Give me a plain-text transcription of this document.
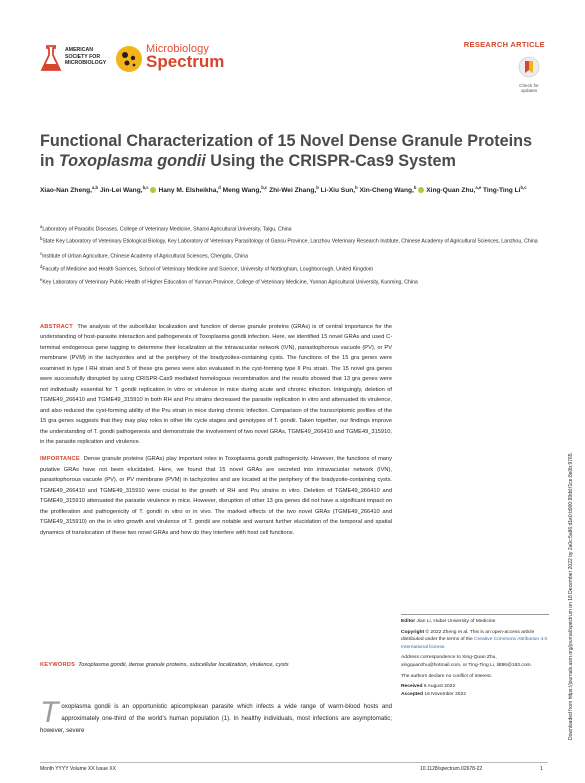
AMERICAN
SOCIETY FOR
MICROBIOLOGY
Microbiology
Spectrum
RESEARCH ARTICLE
Check for
updates
Functional Characterization of 15 Novel Dense Granule Proteins in Toxoplasma gondii Using the CRISPR-Cas9 System
Xiao-Nan Zheng,$^{a,b}$ Jin-Lei Wang,$^{b,c}$ Hany M. Elsheikha,$^d$ Meng Wang,$^{b,c}$ Zhi-Wei Zhang,$^b$ Li-Xiu Sun,$^b$ Xin-Cheng Wang,$^b$ Xing-Quan Zhu,$^{a,e}$ Ting-Ting Li$^{b,c}$
$^a$Laboratory of Parasitic Diseases, College of Veterinary Medicine, Shanxi Agricultural University, Taigu, China
$^b$State Key Laboratory of Veterinary Etiological Biology, Key Laboratory of Veterinary Parasitology of Gansu Province, Lanzhou Veterinary Research Institute, Chinese Academy of Agricultural Sciences, Lanzhou, China
$^c$Institute of Urban Agriculture, Chinese Academy of Agricultural Sciences, Chengdu, China
$^d$Faculty of Medicine and Health Sciences, School of Veterinary Medicine and Science, University of Nottingham, Loughborough, United Kingdom
$^e$Key Laboratory of Veterinary Public Health of Higher Education of Yunnan Province, College of Veterinary Medicine, Yunnan Agricultural University, Kunming, China

ABSTRACT The analysis of the subcellular localization and function of dense granule proteins (GRAs) is of central importance for the understanding of host-parasite interaction and pathogenesis of Toxoplasma gondii infection. Here, we identified 15 novel GRAs and used C-terminal endogenous gene tagging to determine their localization at the intravacuolar network (IVN), parasitophorous vacuole (PV), or PV membrane (PVM) in the tachyzoites and at the periphery of the bradyzoites-containing cysts. The functions of the 15 gra genes were examined in type I RH strain and 5 of these gra genes were also evaluated in the cyst-forming type II Pru strain. The 15 novel gra genes were successfully disrupted by using CRISPR-Cas9 mediated homologous recombination and the results showed that 13 gra genes were not individually essential for T. gondii replication in vitro or virulence in mice during acute and chronic infection. Intriguingly, deletion of TGME49_266410 and TGME49_315910 in both RH and Pru strains decreased the parasite replication in vitro and attenuated its virulence, and also reduced the cyst-forming ability of the Pru strain in mice during chronic infection. Comparison of the transcriptomic profiles of the 15 gra genes suggests that they may play roles in other life cycle stages and genotypes of T. gondii. Taken together, our findings improve the understanding of T. gondii pathogenesis and demonstrate the involvement of two novel GRAs, TGME49_266410 and TGME49_315910, in the parasite replication and virulence.

IMPORTANCE Dense granule proteins (GRAs) play important roles in Toxoplasma gondii pathogenicity. However, the functions of many putative GRAs have not been elucidated. Here, we found that 15 novel GRAs are secreted into intravacuolar network (IVN), parasitophorous vacuole (PV), or PV membrane (PVM) in tachyzoites and are located at the periphery of the bradyzoite-containing cysts. TGME49_266410 and TGME49_315910 were crucial to the growth of RH and Pru strains in vitro. Deletion of TGME49_266410 and TGME49_315910 attenuated the parasite virulence in mice. However, disruption of other 13 gra genes did not have a significant impact on the proliferation and pathogenicity of T. gondii in vitro or in vivo. The marked effects of the two novel GRAs (TGME49_266410 and TGME49_315910) on the in vitro growth and virulence of T. gondii are notable and warrant further elucidation of the temporal and spatial dynamics of translocation of these two novel GRAs and how do they interfere with host cell functions.

KEYWORDS Toxoplasma gondii, dense granule proteins, subcellular localization, virulence, cysts
Toxoplasma gondii is an opportunistic apicomplexan parasite which infects a wide range of warm-blood hosts and approximately one-third of the world's human population (1). In healthy individuals, most infections are asymptomatic; however, severe
Editor Jian Li, Hubei University of Medicine
Copyright © 2022 Zheng et al. This is an open-access article distributed under the terms of the Creative Commons Attribution 4.0 International license.
Address correspondence to Xing-Quan Zhu, xingquanzhu@hotmail.com, or Ting-Ting Li, litt86@163.com.
The authors declare no conflict of interest.
Received 6 August 2022
Accepted 16 November 2022	Downloaded from https://journals.asm.org/journal/spectrum on 18 December 2022 by 2a0c:5a86:d1e0:b900:99dd:f1ce:8e0b:9765.
Month YYYY Volume XX Issue XX	10.1128/spectrum.02678-22	1
